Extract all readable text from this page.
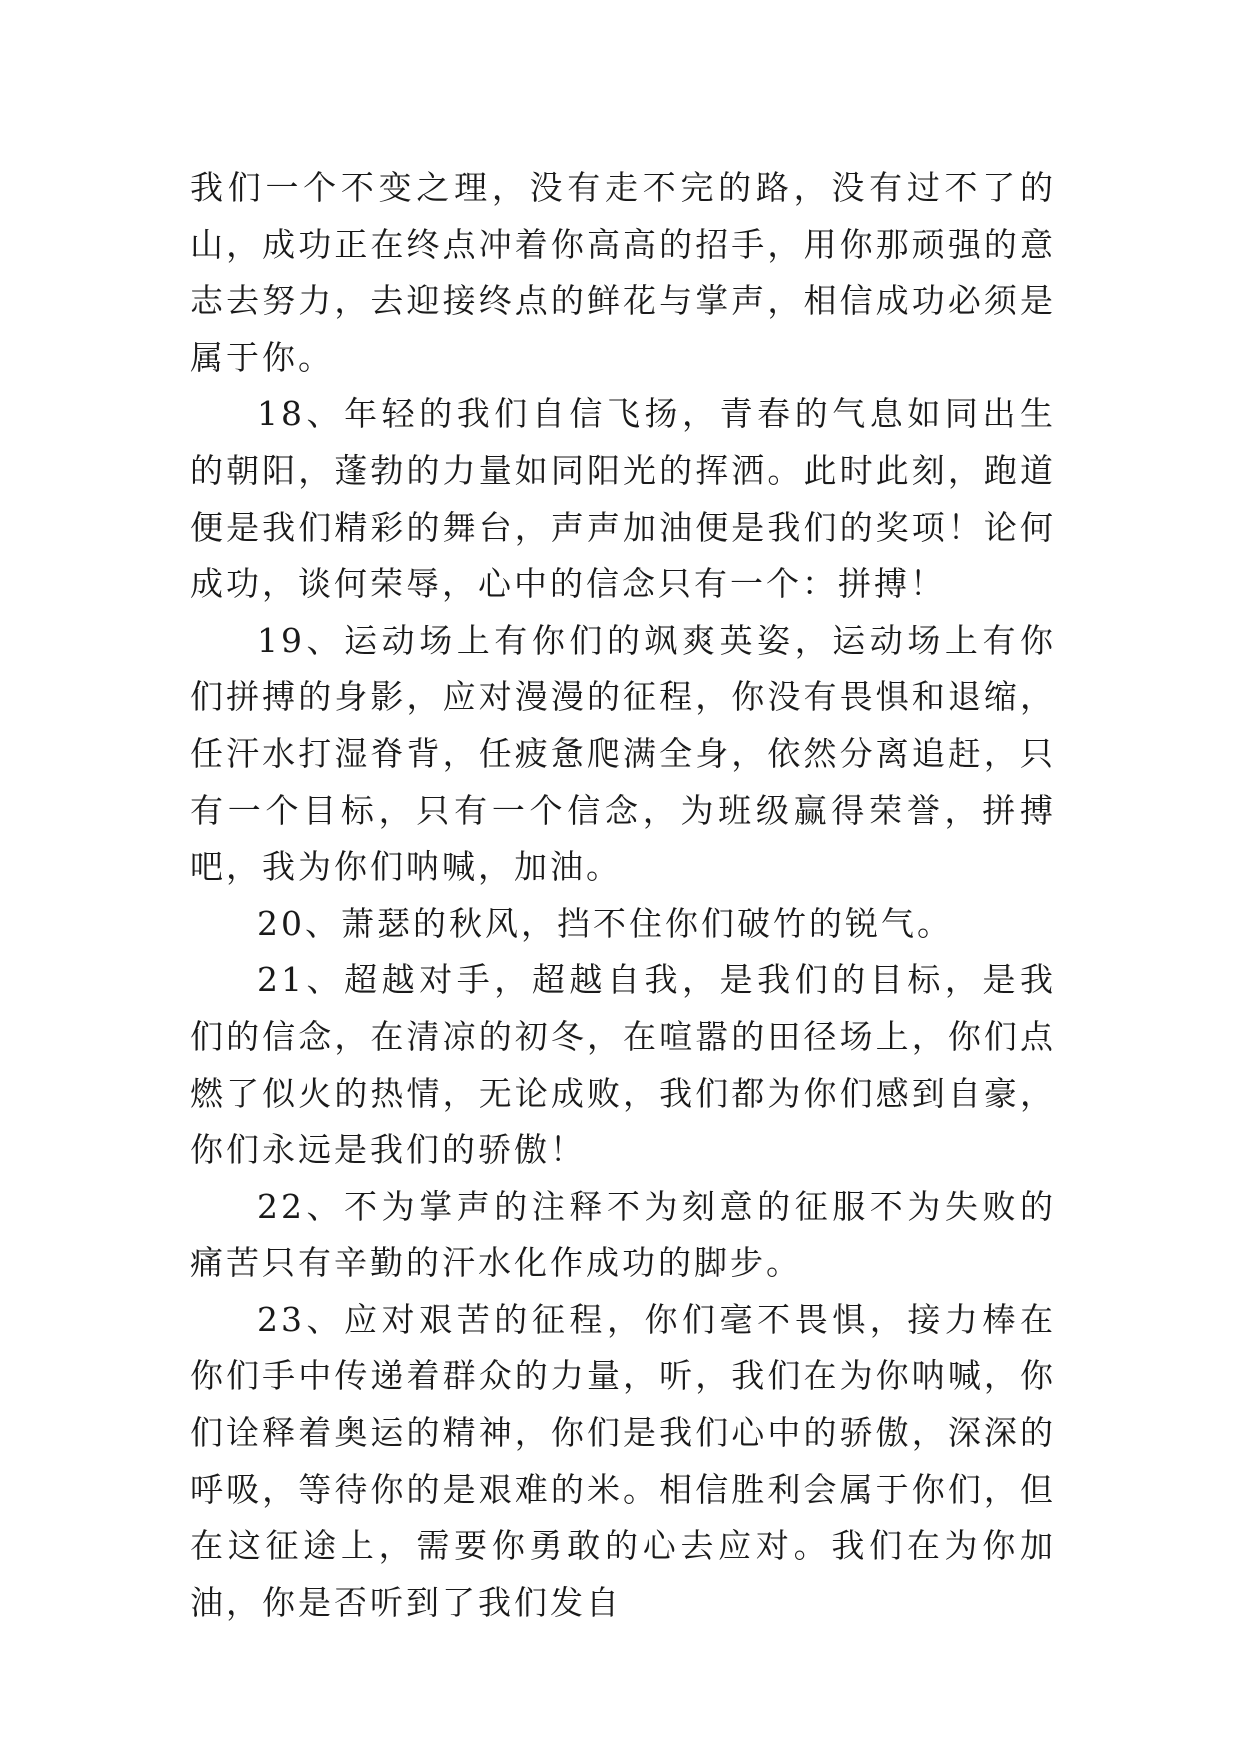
我们一个不变之理，没有走不完的路，没有过不了的山，成功正在终点冲着你高高的招手，用你那顽强的意志去努力，去迎接终点的鲜花与掌声，相信成功必须是属于你。

18、年轻的我们自信飞扬，青春的气息如同出生的朝阳，蓬勃的力量如同阳光的挥洒。此时此刻，跑道便是我们精彩的舞台，声声加油便是我们的奖项！论何成功，谈何荣辱，心中的信念只有一个：拼搏！

19、运动场上有你们的飒爽英姿，运动场上有你们拼搏的身影，应对漫漫的征程，你没有畏惧和退缩，任汗水打湿脊背，任疲惫爬满全身，依然分离追赶，只有一个目标，只有一个信念，为班级赢得荣誉，拼搏吧，我为你们呐喊，加油。

20、萧瑟的秋风，挡不住你们破竹的锐气。

21、超越对手，超越自我，是我们的目标，是我们的信念，在清凉的初冬，在喧嚣的田径场上，你们点燃了似火的热情，无论成败，我们都为你们感到自豪，你们永远是我们的骄傲！

22、不为掌声的注释不为刻意的征服不为失败的痛苦只有辛勤的汗水化作成功的脚步。

23、应对艰苦的征程，你们毫不畏惧，接力棒在你们手中传递着群众的力量，听，我们在为你呐喊，你们诠释着奥运的精神，你们是我们心中的骄傲，深深的呼吸，等待你的是艰难的米。相信胜利会属于你们，但在这征途上，需要你勇敢的心去应对。我们在为你加油，你是否听到了我们发自
